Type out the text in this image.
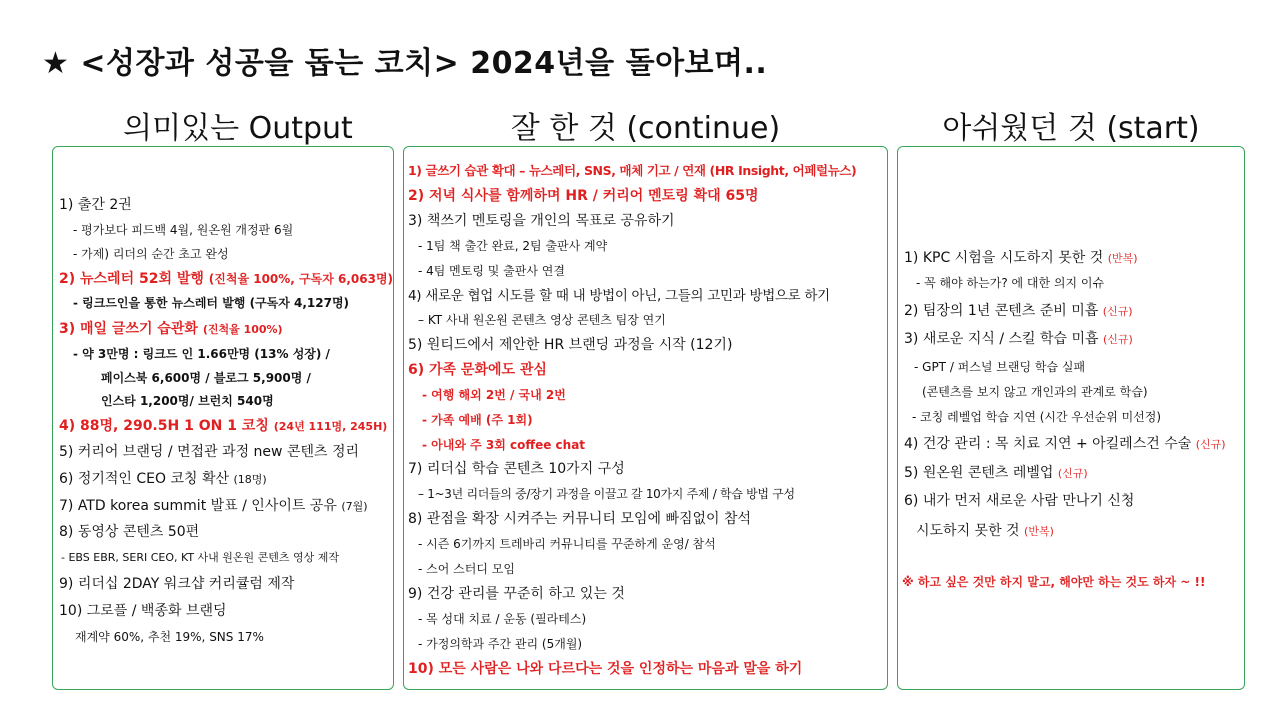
★ <성장과 성공을 돕는 코치> 2024년을 돌아보며..
의미있는 Output	잘 한 것 (continue)	아쉬웠던 것 (start)
1) 출간 2권
- 평가보다 피드백 4월, 원온원 개정판 6월
- 가제) 리더의 순간 초고 완성
2) 뉴스레터 52회 발행 (진척율 100%, 구독자 6,063명)
- 링크드인을 통한 뉴스레터 발행 (구독자 4,127명)
3) 매일 글쓰기 습관화 (진척율 100%)
- 약 3만명 : 링크드 인 1.66만명 (13% 성장) /
페이스북 6,600명 / 블로그 5,900명 /
인스타 1,200명/ 브런치 540명
4) 88명, 290.5H 1 ON 1 코칭 (24년 111명, 245H)
5) 커리어 브랜딩 / 면접관 과정 new 콘텐츠 정리
6) 정기적인 CEO 코칭 확산 (18명)
7) ATD korea summit 발표 / 인사이트 공유 (7월)
8) 동영상 콘텐츠 50편
- EBS EBR, SERI CEO, KT 사내 원온원 콘텐츠 영상 제작
9) 리더십 2DAY 워크샵 커리큘럼 제작
10) 그로플 / 백종화 브랜딩
재계약 60%, 추천 19%, SNS 17%
1) 글쓰기 습관 확대 – 뉴스레터, SNS, 매체 기고 / 연재 (HR Insight, 어페럴뉴스)
2) 저녁 식사를 함께하며 HR / 커리어 멘토링 확대 65명
3) 책쓰기 멘토링을 개인의 목표로 공유하기
- 1팀 책 출간 완료, 2팀 출판사 계약
- 4팀 멘토링 및 출판사 연결
4) 새로운 협업 시도를 할 때 내 방법이 아닌, 그들의 고민과 방법으로 하기
– KT 사내 원온원 콘텐츠 영상 콘텐츠 팀장 연기
5) 원티드에서 제안한 HR 브랜딩 과정을 시작 (12기)
6) 가족 문화에도 관심
- 여행 해외 2번 / 국내 2번
- 가족 예배 (주 1회)
- 아내와 주 3회 coffee chat
7) 리더십 학습 콘텐츠 10가지 구성
– 1~3년 리더들의 중/장기 과정을 이끌고 갈 10가지 주제 / 학습 방법 구성
8) 관점을 확장 시켜주는 커뮤니티 모임에 빠짐없이 참석
- 시즌 6기까지 트레바리 커뮤니티를 꾸준하게 운영/ 참석
- 스어 스터디 모임
9) 건강 관리를 꾸준히 하고 있는 것
- 목 성대 치료 / 운동 (필라테스)
- 가정의학과 주간 관리 (5개월)
10) 모든 사람은 나와 다르다는 것을 인정하는 마음과 말을 하기
1) KPC 시험을 시도하지 못한 것 (반복)
- 꼭 해야 하는가? 에 대한 의지 이슈
2) 팀장의 1년 콘텐츠 준비 미흡 (신규)
3) 새로운 지식 / 스킬 학습 미흡 (신규)
- GPT / 퍼스널 브랜딩 학습 실패
(콘텐츠를 보지 않고 개인과의 관계로 학습)
- 코칭 레벨업 학습 지연 (시간 우선순위 미선정)
4) 건강 관리 : 목 치료 지연 + 아킬레스건 수술 (신규)
5) 원온원 콘텐츠 레벨업 (신규)
6) 내가 먼저 새로운 사람 만나기 신청
시도하지 못한 것 (반복)
※ 하고 싶은 것만 하지 말고, 해야만 하는 것도 하자 ~ !!
